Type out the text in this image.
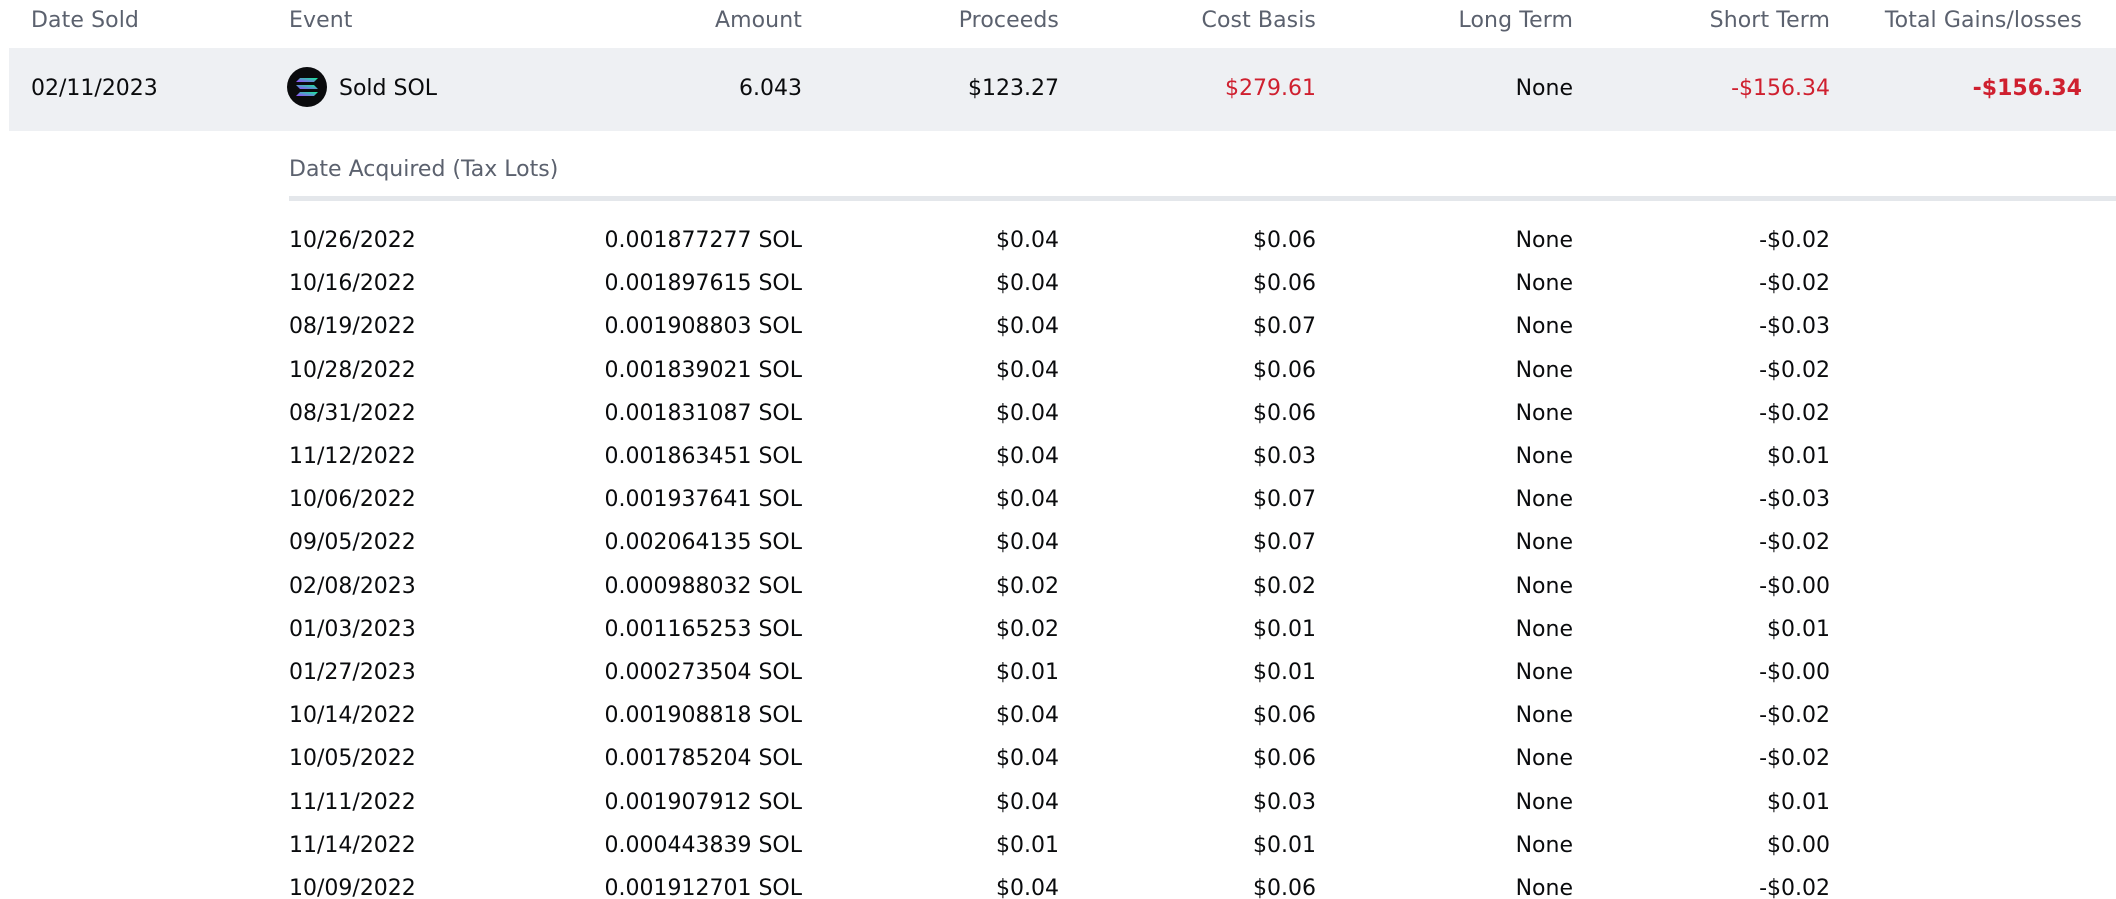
Date Sold	Event	Amount	Proceeds	Cost Basis	Long Term	Short Term	Total Gains/losses
02/11/2023	Sold SOL	6.043	$123.27	$279.61	None	-$156.34	-$156.34
Date Acquired (Tax Lots)
10/26/2022	0.001877277 SOL	$0.04	$0.06	None	-$0.02
10/16/2022	0.001897615 SOL	$0.04	$0.06	None	-$0.02
08/19/2022	0.001908803 SOL	$0.04	$0.07	None	-$0.03
10/28/2022	0.001839021 SOL	$0.04	$0.06	None	-$0.02
08/31/2022	0.001831087 SOL	$0.04	$0.06	None	-$0.02
11/12/2022	0.001863451 SOL	$0.04	$0.03	None	$0.01
10/06/2022	0.001937641 SOL	$0.04	$0.07	None	-$0.03
09/05/2022	0.002064135 SOL	$0.04	$0.07	None	-$0.02
02/08/2023	0.000988032 SOL	$0.02	$0.02	None	-$0.00
01/03/2023	0.001165253 SOL	$0.02	$0.01	None	$0.01
01/27/2023	0.000273504 SOL	$0.01	$0.01	None	-$0.00
10/14/2022	0.001908818 SOL	$0.04	$0.06	None	-$0.02
10/05/2022	0.001785204 SOL	$0.04	$0.06	None	-$0.02
11/11/2022	0.001907912 SOL	$0.04	$0.03	None	$0.01
11/14/2022	0.000443839 SOL	$0.01	$0.01	None	$0.00
10/09/2022	0.001912701 SOL	$0.04	$0.06	None	-$0.02
